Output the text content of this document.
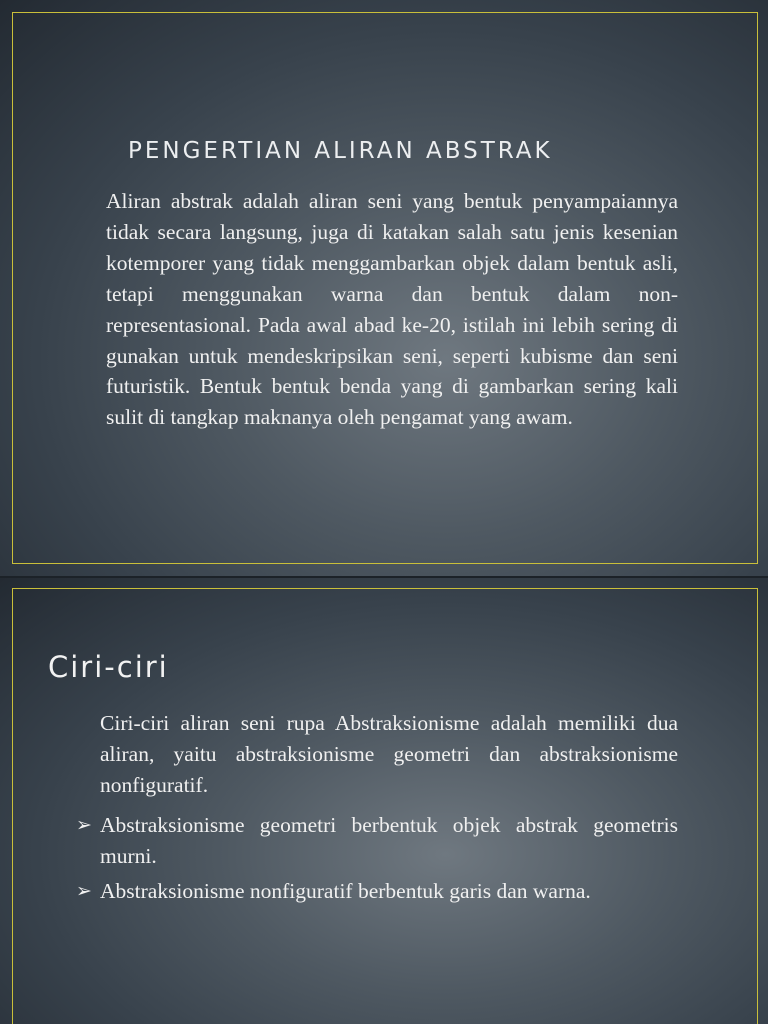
PENGERTIAN ALIRAN ABSTRAK

Aliran abstrak adalah aliran seni yang bentuk penyampaiannya tidak secara langsung, juga di katakan salah satu jenis kesenian kotemporer yang tidak menggambarkan objek dalam bentuk asli, tetapi menggunakan warna dan bentuk dalam non-representasional. Pada awal abad ke-20, istilah ini lebih sering di gunakan untuk mendeskripsikan seni, seperti kubisme dan seni futuristik. Bentuk bentuk benda yang di gambarkan sering kali sulit di tangkap maknanya oleh pengamat yang awam.

Ciri-ciri

Ciri-ciri aliran seni rupa Abstraksionisme adalah memiliki dua aliran, yaitu abstraksionisme geometri dan abstraksionisme nonfiguratif.

➢ Abstraksionisme geometri berbentuk objek abstrak geometris murni.
➢ Abstraksionisme nonfiguratif berbentuk garis dan warna.
